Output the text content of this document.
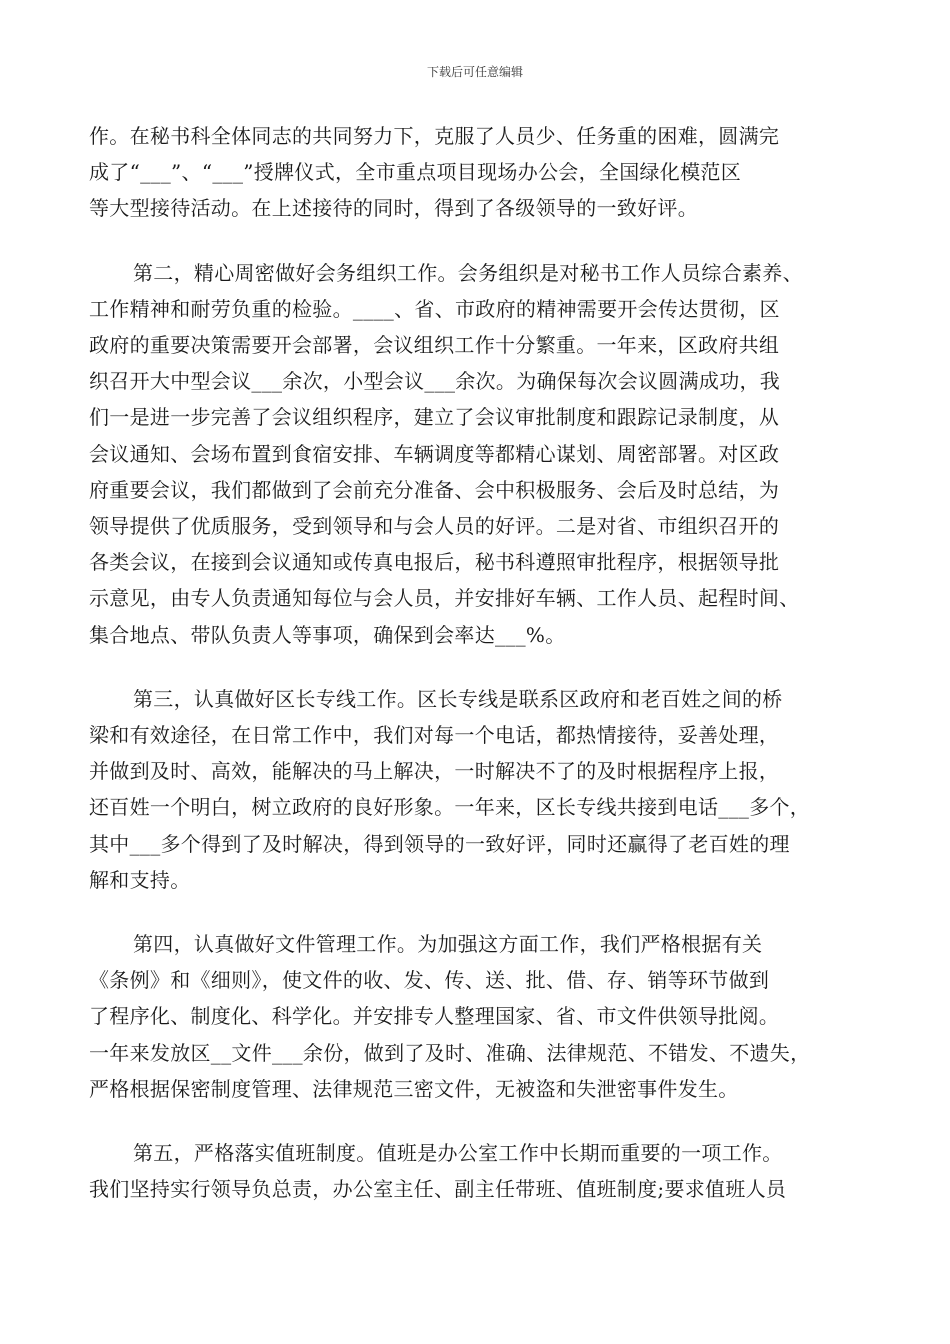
下载后可任意编辑
作。在秘书科全体同志的共同努力下，克服了人员少、任务重的困难，圆满完
成了“___”、“___”授牌仪式，全市重点项目现场办公会，全国绿化模范区
等大型接待活动。在上述接待的同时，得到了各级领导的一致好评。
第二，精心周密做好会务组织工作。会务组织是对秘书工作人员综合素养、
工作精神和耐劳负重的检验。____、省、市政府的精神需要开会传达贯彻，区
政府的重要决策需要开会部署，会议组织工作十分繁重。一年来，区政府共组
织召开大中型会议___余次，小型会议___余次。为确保每次会议圆满成功，我
们一是进一步完善了会议组织程序，建立了会议审批制度和跟踪记录制度，从
会议通知、会场布置到食宿安排、车辆调度等都精心谋划、周密部署。对区政
府重要会议，我们都做到了会前充分准备、会中积极服务、会后及时总结，为
领导提供了优质服务，受到领导和与会人员的好评。二是对省、市组织召开的
各类会议，在接到会议通知或传真电报后，秘书科遵照审批程序，根据领导批
示意见，由专人负责通知每位与会人员，并安排好车辆、工作人员、起程时间、
集合地点、带队负责人等事项，确保到会率达___%。
第三，认真做好区长专线工作。区长专线是联系区政府和老百姓之间的桥
梁和有效途径，在日常工作中，我们对每一个电话，都热情接待，妥善处理，
并做到及时、高效，能解决的马上解决，一时解决不了的及时根据程序上报，
还百姓一个明白，树立政府的良好形象。一年来，区长专线共接到电话___多个，
其中___多个得到了及时解决，得到领导的一致好评，同时还赢得了老百姓的理
解和支持。
第四，认真做好文件管理工作。为加强这方面工作，我们严格根据有关
《条例》和《细则》，使文件的收、发、传、送、批、借、存、销等环节做到
了程序化、制度化、科学化。并安排专人整理国家、省、市文件供领导批阅。
一年来发放区__文件___余份，做到了及时、准确、法律规范、不错发、不遗失，
严格根据保密制度管理、法律规范三密文件，无被盗和失泄密事件发生。
第五，严格落实值班制度。值班是办公室工作中长期而重要的一项工作。
我们坚持实行领导负总责，办公室主任、副主任带班、值班制度;要求值班人员
